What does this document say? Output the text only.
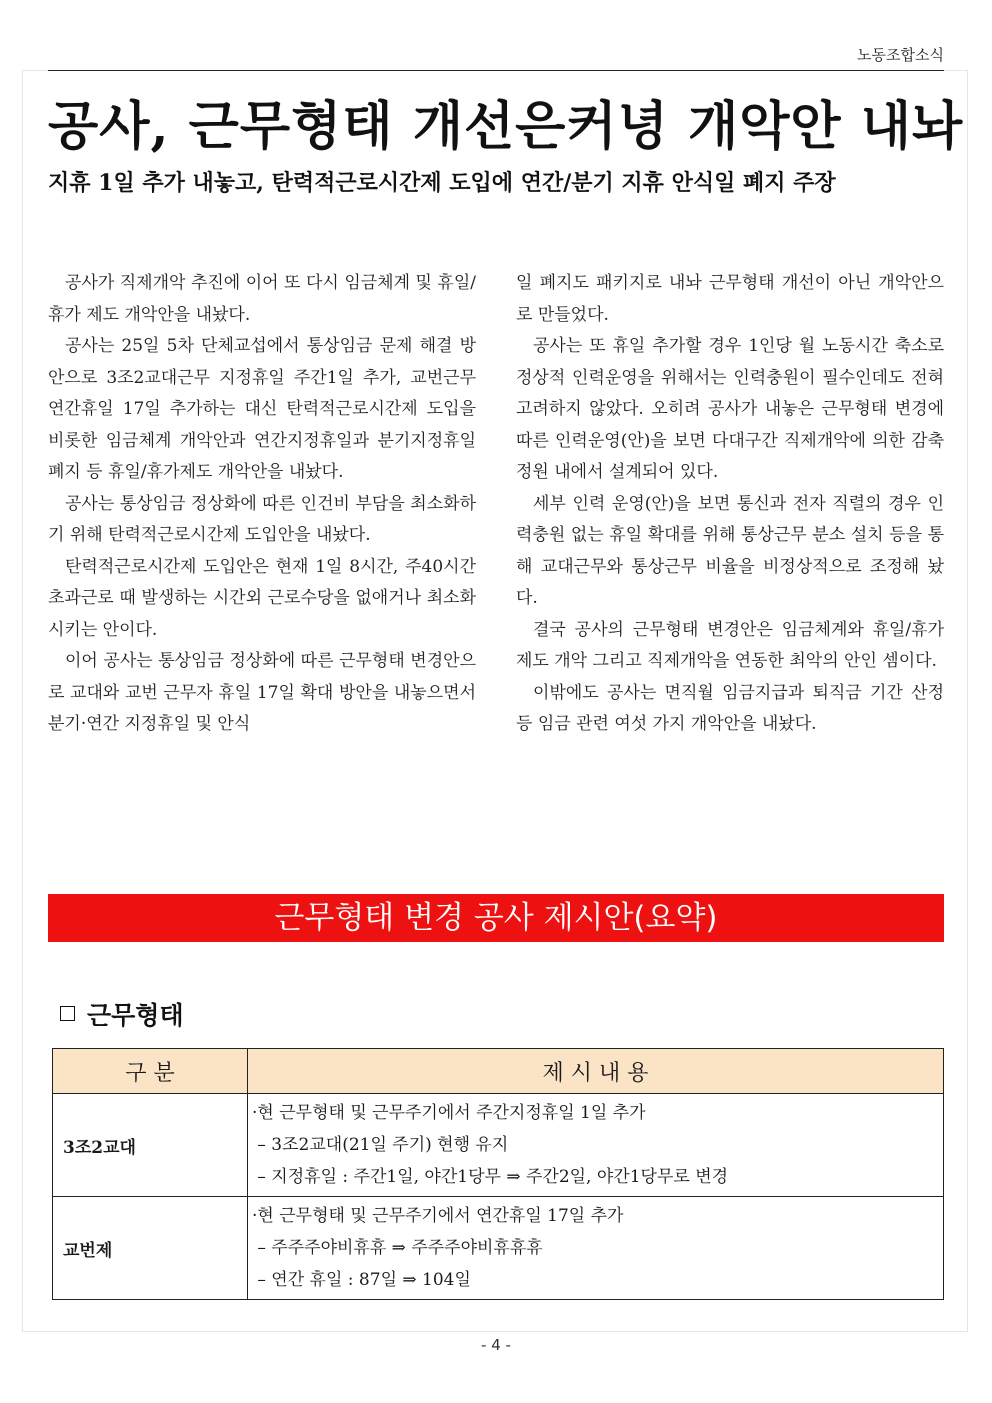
노동조합소식
공사, 근무형태 개선은커녕 개악안 내놔
지휴 1일 추가 내놓고, 탄력적근로시간제 도입에 연간/분기 지휴 안식일 폐지 주장

공사가 직제개악 추진에 이어 또 다시 임금체계 및 휴일/휴가 제도 개악안을 내놨다.

공사는 25일 5차 단체교섭에서 통상임금 문제 해결 방안으로 3조2교대근무 지정휴일 주간1일 추가, 교번근무 연간휴일 17일 추가하는 대신 탄력적근로시간제 도입을 비롯한 임금체계 개악안과 연간지정휴일과 분기지정휴일 폐지 등 휴일/휴가제도 개악안을 내놨다.

공사는 통상임금 정상화에 따른 인건비 부담을 최소화하기 위해 탄력적근로시간제 도입안을 내놨다.

탄력적근로시간제 도입안은 현재 1일 8시간, 주40시간 초과근로 때 발생하는 시간외 근로수당을 없애거나 최소화시키는 안이다.

이어 공사는 통상임금 정상화에 따른 근무형태 변경안으로 교대와 교번 근무자 휴일 17일 확대 방안을 내놓으면서 분기·연간 지정휴일 및 안식

일 폐지도 패키지로 내놔 근무형태 개선이 아닌 개악안으로 만들었다.

공사는 또 휴일 추가할 경우 1인당 월 노동시간 축소로 정상적 인력운영을 위해서는 인력충원이 필수인데도 전혀 고려하지 않았다. 오히려 공사가 내놓은 근무형태 변경에 따른 인력운영(안)을 보면 다대구간 직제개악에 의한 감축 정원 내에서 설계되어 있다.

세부 인력 운영(안)을 보면 통신과 전자 직렬의 경우 인력충원 없는 휴일 확대를 위해 통상근무 분소 설치 등을 통해 교대근무와 통상근무 비율을 비정상적으로 조정해 놨다.

결국 공사의 근무형태 변경안은 임금체계와 휴일/휴가 제도 개악 그리고 직제개악을 연동한 최악의 안인 셈이다.

이밖에도 공사는 면직월 임금지급과 퇴직금 기간 산정 등 임금 관련 여섯 가지 개악안을 내놨다.

근무형태 변경 공사 제시안(요약)
근무형태
구 분	제 시 내 용
3조2교대	·현 근무형태 및 근무주기에서 주간지정휴일 1일 추가
– 3조2교대(21일 주기) 현행 유지
– 지정휴일 : 주간1일, 야간1당무 ⇒ 주간2일, 야간1당무로 변경

교번제	·현 근무형태 및 근무주기에서 연간휴일 17일 추가
– 주주주야비휴휴 ⇒ 주주주야비휴휴휴
– 연간 휴일 : 87일 ⇒ 104일
- 4 -
